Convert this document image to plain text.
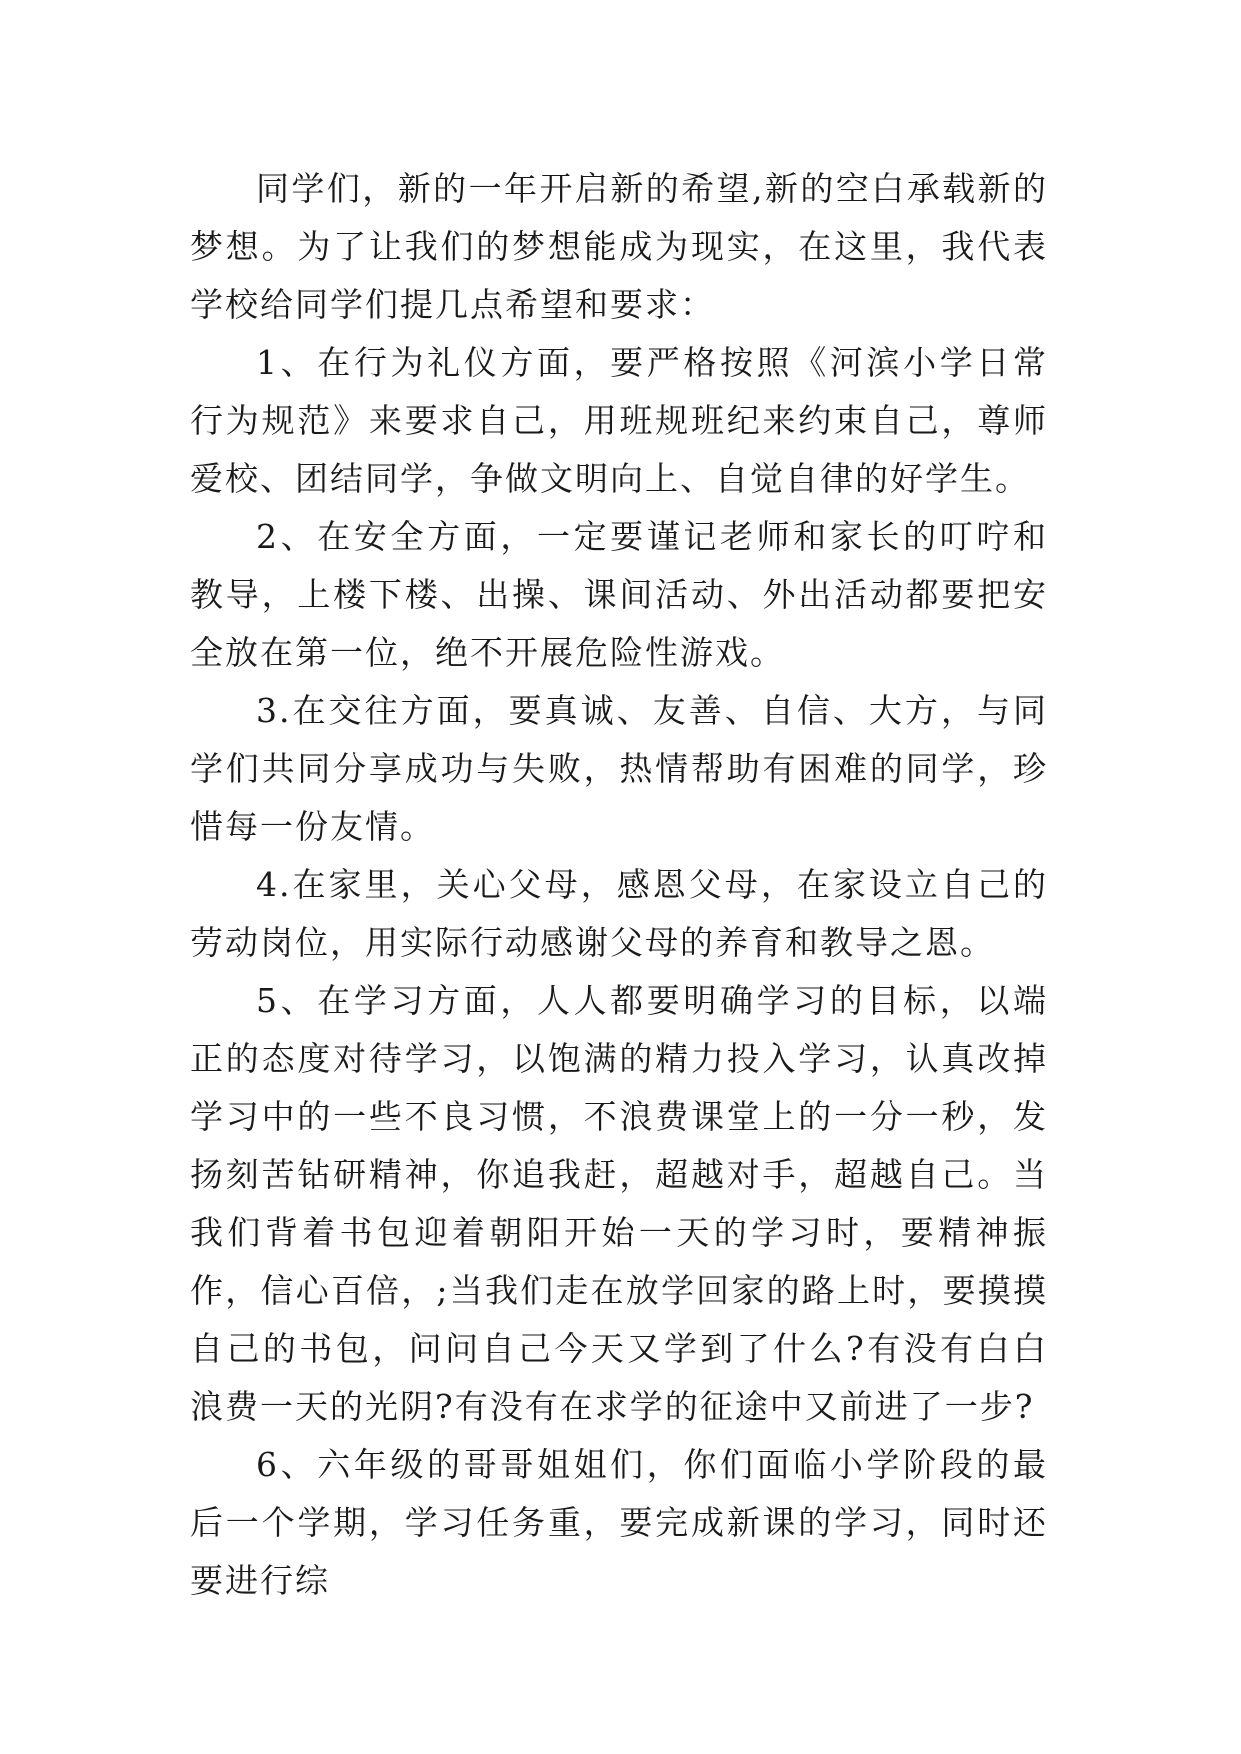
同学们，新的一年开启新的希望,新的空白承载新的梦想。为了让我们的梦想能成为现实，在这里，我代表学校给同学们提几点希望和要求：

1、在行为礼仪方面，要严格按照《河滨小学日常行为规范》来要求自己，用班规班纪来约束自己，尊师爱校、团结同学，争做文明向上、自觉自律的好学生。

2、在安全方面，一定要谨记老师和家长的叮咛和教导，上楼下楼、出操、课间活动、外出活动都要把安全放在第一位，绝不开展危险性游戏。

3.在交往方面，要真诚、友善、自信、大方，与同学们共同分享成功与失败，热情帮助有困难的同学，珍惜每一份友情。

4.在家里，关心父母，感恩父母，在家设立自己的劳动岗位，用实际行动感谢父母的养育和教导之恩。

5、在学习方面，人人都要明确学习的目标，以端正的态度对待学习，以饱满的精力投入学习，认真改掉学习中的一些不良习惯，不浪费课堂上的一分一秒，发扬刻苦钻研精神，你追我赶，超越对手，超越自己。当我们背着书包迎着朝阳开始一天的学习时，要精神振作，信心百倍，;当我们走在放学回家的路上时，要摸摸自己的书包，问问自己今天又学到了什么?有没有白白浪费一天的光阴?有没有在求学的征途中又前进了一步?

6、六年级的哥哥姐姐们，你们面临小学阶段的最后一个学期，学习任务重，要完成新课的学习，同时还要进行综
